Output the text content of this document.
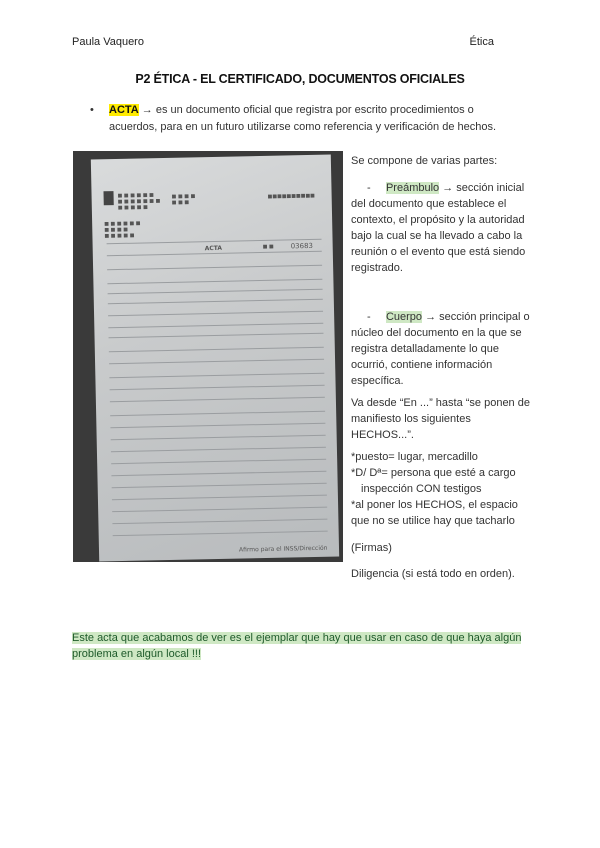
Paula Vaquero	Ética
P2 ÉTICA - EL CERTIFICADO, DOCUMENTOS OFICIALES
•	ACTA → es un documento oficial que registra por escrito procedimientos o acuerdos, para en un futuro utilizarse como referencia y verificación de hechos.
■ ■ ■ ■ ■ ■
■ ■ ■ ■ ■ ■ ■
■ ■ ■ ■ ■
■ ■ ■ ■
■ ■ ■
■■■■■■■■■■
■ ■ ■ ■ ■ ■
■ ■ ■ ■
■ ■ ■ ■ ■
ACTA	■ ■ 03683
Afirmo para el INSS/Dirección
Se compone de varias partes:
- Preámbulo → sección inicial del documento que establece el contexto, el propósito y la autoridad bajo la cual se ha llevado a cabo la reunión o el evento que está siendo registrado.
- Cuerpo → sección principal o núcleo del documento en la que se registra detalladamente lo que ocurrió, contiene información específica.
Va desde “En ...” hasta “se ponen de manifiesto los siguientes HECHOS...”.
*puesto= lugar, mercadillo
*D/ Dª= persona que esté a cargo
inspección CON testigos
*al poner los HECHOS, el espacio que no se utilice hay que tacharlo
(Firmas)
Diligencia (si está todo en orden).
Este acta que acabamos de ver es el ejemplar que hay que usar en caso de que haya algún problema en algún local !!!
